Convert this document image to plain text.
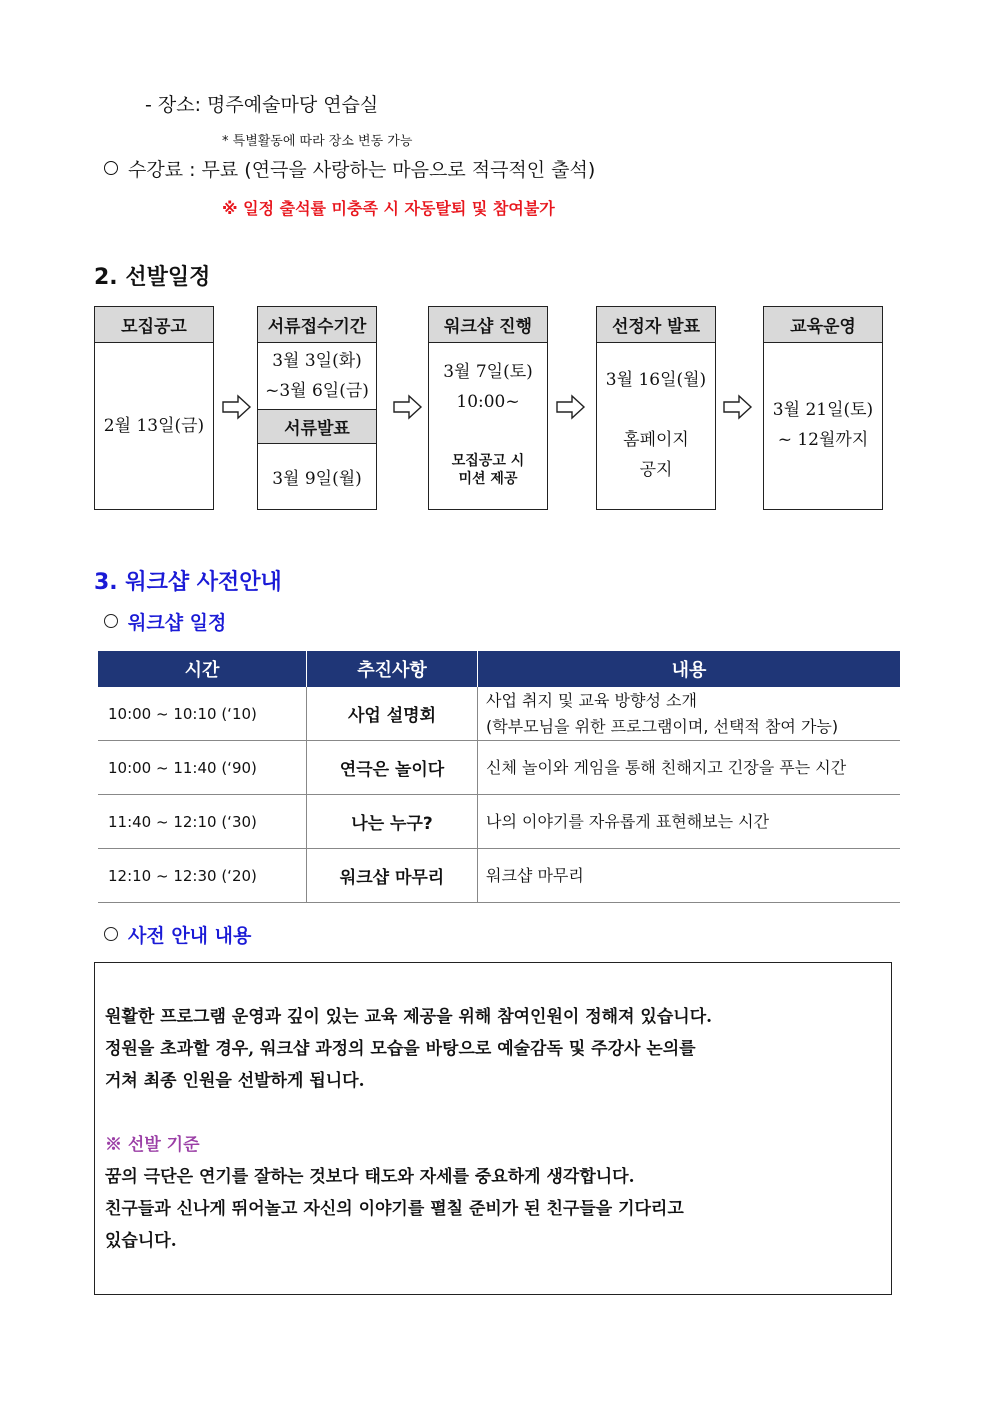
- 장소: 명주예술마당 연습실
* 특별활동에 따라 장소 변동 가능
수강료 : 무료 (연극을 사랑하는 마음으로 적극적인 출석)
※ 일정 출석률 미충족 시 자동탈퇴 및 참여불가
2. 선발일정
모집공고
2월 13일(금)
서류접수기간
3월 3일(화)
~3월 6일(금)
서류발표
3월 9일(월)
워크샵 진행
3월 7일(토)
10:00~
모집공고 시
미션 제공
선정자 발표
3월 16일(월)
홈페이지
공지
교육운영
3월 21일(토)
~ 12월까지
3. 워크샵 사전안내
워크샵 일정
시간	추진사항	내용
10:00 ~ 10:10 (‘10)	사업 설명회	사업 취지 및 교육 방향성 소개
(학부모님을 위한 프로그램이며, 선택적 참여 가능)

10:00 ~ 11:40 (‘90)	연극은 놀이다	신체 놀이와 게임을 통해 친해지고 긴장을 푸는 시간
11:40 ~ 12:10 (‘30)	나는 누구?	나의 이야기를 자유롭게 표현해보는 시간
12:10 ~ 12:30 (‘20)	워크샵 마무리	워크샵 마무리
사전 안내 내용

원활한 프로그램 운영과 깊이 있는 교육 제공을 위해 참여인원이 정해져 있습니다.

정원을 초과할 경우, 워크샵 과정의 모습을 바탕으로 예술감독 및 주강사 논의를

거쳐 최종 인원을 선발하게 됩니다.

※ 선발 기준

꿈의 극단은 연기를 잘하는 것보다 태도와 자세를 중요하게 생각합니다.

친구들과 신나게 뛰어놀고 자신의 이야기를 펼칠 준비가 된 친구들을 기다리고

있습니다.
